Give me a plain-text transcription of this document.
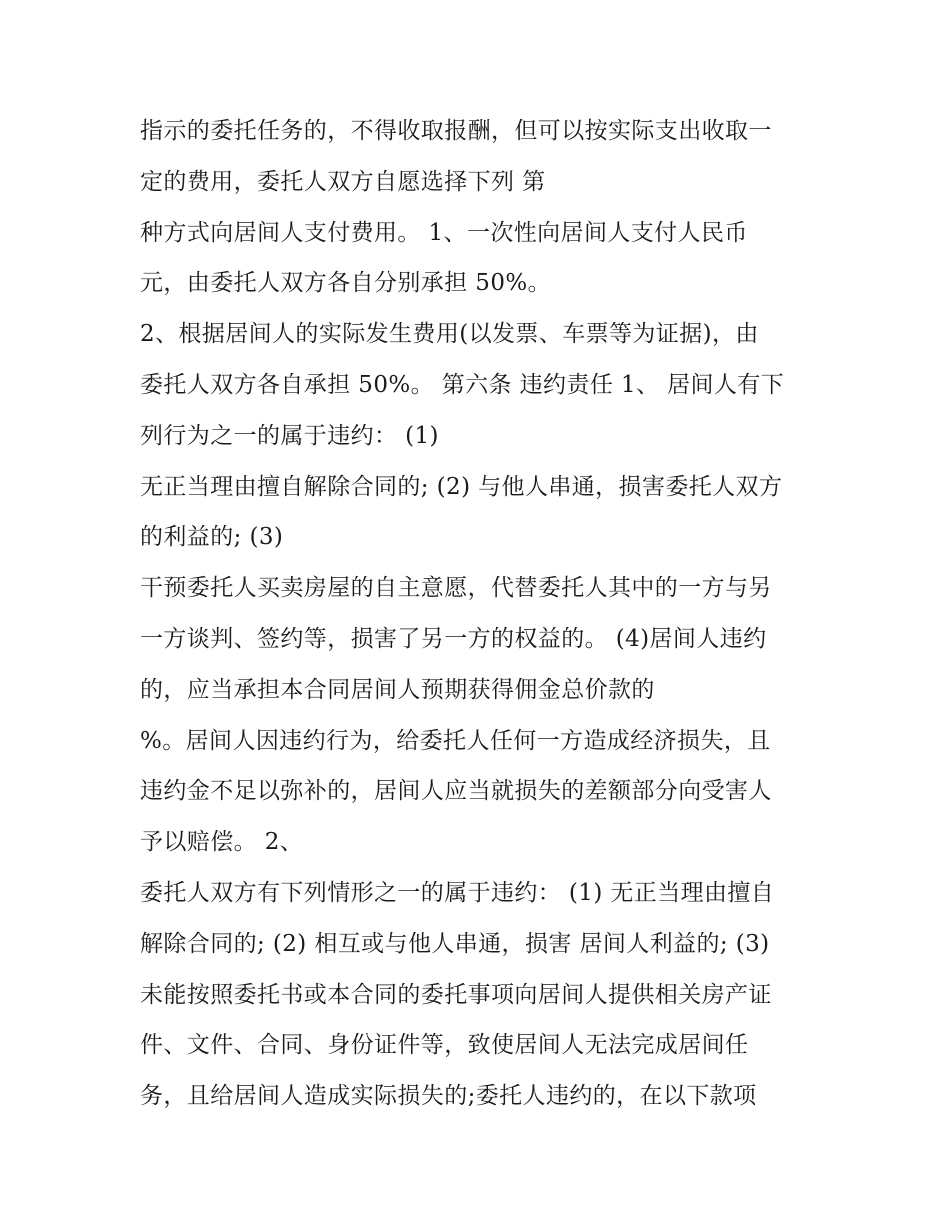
指示的委托任务的，不得收取报酬，但可以按实际支出收取一
定的费用，委托人双方自愿选择下列 第
种方式向居间人支付费用。 1、一次性向居间人支付人民币
元，由委托人双方各自分别承担 50%。
2、根据居间人的实际发生费用(以发票、车票等为证据)，由
委托人双方各自承担 50%。 第六条 违约责任 1、 居间人有下
列行为之一的属于违约： (1)
无正当理由擅自解除合同的; (2) 与他人串通，损害委托人双方
的利益的; (3)
干预委托人买卖房屋的自主意愿，代替委托人其中的一方与另
一方谈判、签约等，损害了另一方的权益的。 (4)居间人违约
的，应当承担本合同居间人预期获得佣金总价款的
%。居间人因违约行为，给委托人任何一方造成经济损失，且
违约金不足以弥补的，居间人应当就损失的差额部分向受害人
予以赔偿。 2、
委托人双方有下列情形之一的属于违约： (1) 无正当理由擅自
解除合同的; (2) 相互或与他人串通，损害 居间人利益的; (3)
未能按照委托书或本合同的委托事项向居间人提供相关房产证
件、文件、合同、身份证件等，致使居间人无法完成居间任
务，且给居间人造成实际损失的;委托人违约的，在以下款项
